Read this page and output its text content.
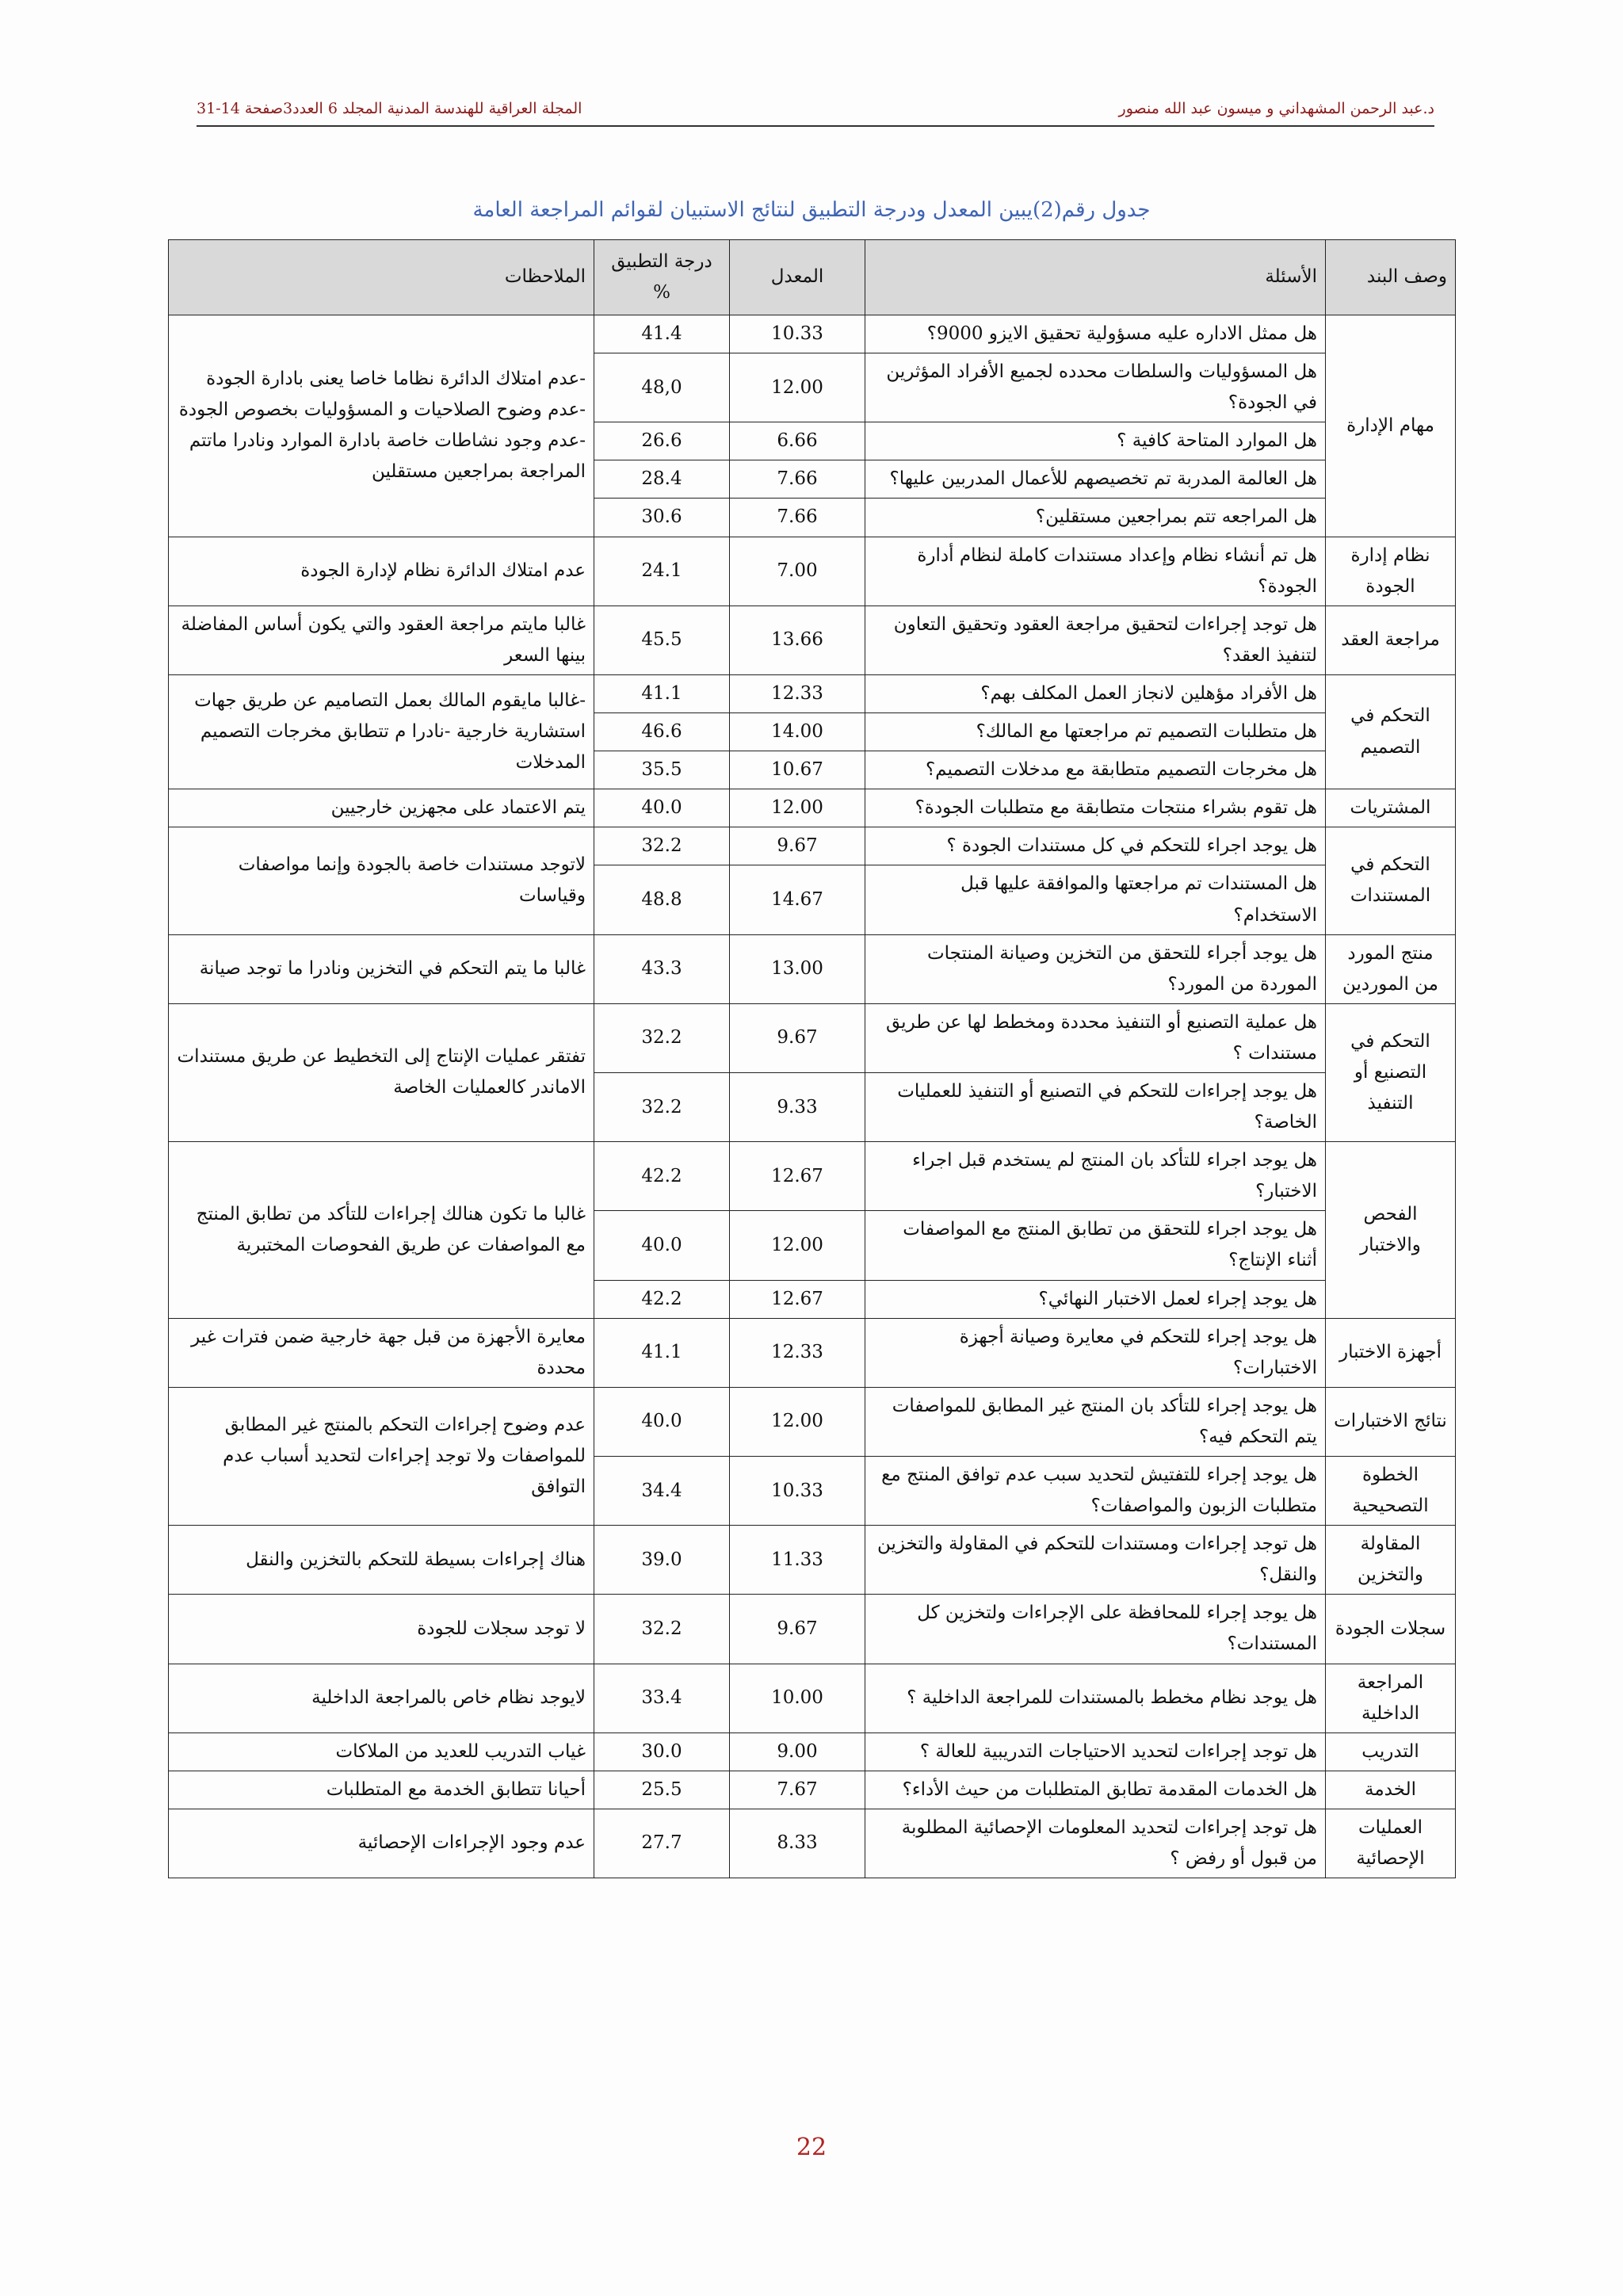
المجلة العراقية للهندسة المدنية المجلد 6 العدد3صفحة 14-31	د.عبد الرحمن المشهداني و ميسون عبد الله منصور
جدول رقم(2)يبين المعدل ودرجة التطبيق لنتائج الاستبيان لقوائم المراجعة العامة
وصف البند	الأسئلة	المعدل	درجة التطبيق %	الملاحظات
مهام الإدارة	هل ممثل الاداره عليه مسؤولية تحقيق الايزو 9000؟	10.33	41.4	-عدم امتلاك الدائرة نظاما خاصا يعنى بادارة الجودة -عدم وضوح الصلاحيات و المسؤوليات بخصوص الجودة -عدم وجود نشاطات خاصة بادارة الموارد ونادرا ماتتم المراجعة بمراجعين مستقلين
	هل المسؤوليات والسلطات محدده لجميع الأفراد المؤثرين في الجودة؟	12.00	48,0	
	هل الموارد المتاحة كافية ؟	6.66	26.6	
	هل العالمة المدربة تم تخصيصهم للأعمال المدربين عليها؟	7.66	28.4	
	هل المراجعه تتم بمراجعين مستقلين؟	7.66	30.6	
نظام إدارة الجودة	هل تم أنشاء نظام وإعداد مستندات كاملة لنظام أدارة الجودة؟	7.00	24.1	عدم امتلاك الدائرة نظام لإدارة الجودة
مراجعة العقد	هل توجد إجراءات لتحقيق مراجعة العقود وتحقيق التعاون لتنفيذ العقد؟	13.66	45.5	غالبا مايتم مراجعة العقود والتي يكون أساس المفاضلة بينها السعر
التحكم في التصميم	هل الأفراد مؤهلين لانجاز العمل المكلف بهم؟	12.33	41.1	-غالبا مايقوم المالك بعمل التصاميم عن طريق جهات استشارية خارجية -نادرا م تتطابق مخرجات التصميم المدخلات
	هل متطلبات التصميم تم مراجعتها مع المالك؟	14.00	46.6	
	هل مخرجات التصميم متطابقة مع مدخلات التصميم؟	10.67	35.5	
المشتريات	هل تقوم بشراء منتجات متطابقة مع متطلبات الجودة؟	12.00	40.0	يتم الاعتماد على مجهزين خارجيين
التحكم في المستندات	هل يوجد اجراء للتحكم في كل مستندات الجودة ؟	9.67	32.2	لاتوجد مستندات خاصة بالجودة وإنما مواصفات وقياسات
	هل المستندات تم مراجعتها والموافقة عليها قبل الاستخدام؟	14.67	48.8	
منتج المورد من الموردين	هل يوجد أجراء للتحقق من التخزين وصيانة المنتجات الموردة من المورد؟	13.00	43.3	غالبا ما يتم التحكم في التخزين ونادرا ما توجد صيانة
التحكم في التصنيع أو التنفيذ	هل عملية التصنيع أو التنفيذ محددة ومخطط لها عن طريق مستندات ؟	9.67	32.2	تفتقر عمليات الإنتاج إلى التخطيط عن طريق مستندات الاماندر كالعمليات الخاصة
	هل يوجد إجراءات للتحكم في التصنيع أو التنفيذ للعمليات الخاصة؟	9.33	32.2	
الفحص والاختبار	هل يوجد اجراء للتأكد بان المنتج لم يستخدم قبل اجراء الاختبار؟	12.67	42.2	غالبا ما تكون هنالك إجراءات للتأكد من تطابق المنتج مع المواصفات عن طريق الفحوصات المختبرية
	هل يوجد اجراء للتحقق من تطابق المنتج مع المواصفات أثناء الإنتاج؟	12.00	40.0	
	هل يوجد إجراء لعمل الاختبار النهائي؟	12.67	42.2	
أجهزة الاختبار	هل يوجد إجراء للتحكم في معايرة وصيانة أجهزة الاختبارات؟	12.33	41.1	معايرة الأجهزة من قبل جهة خارجية ضمن فترات غير محددة
نتائج الاختبارات	هل يوجد إجراء للتأكد بان المنتج غير المطابق للمواصفات يتم التحكم فيه؟	12.00	40.0	عدم وضوح إجراءات التحكم بالمنتج غير المطابق للمواصفات ولا توجد إجراءات لتحديد أسباب عدم التوافق
الخطوة التصحيحية	هل يوجد إجراء للتفتيش لتحديد سبب عدم توافق المنتج مع متطلبات الزبون والمواصفات؟	10.33	34.4	
المقاولة والتخزين	هل توجد إجراءات ومستندات للتحكم في المقاولة والتخزين والنقل؟	11.33	39.0	هناك إجراءات بسيطة للتحكم بالتخزين والنقل
سجلات الجودة	هل يوجد إجراء للمحافظة على الإجراءات ولتخزين كل المستندات؟	9.67	32.2	لا توجد سجلات للجودة
المراجعة الداخلية	هل يوجد نظام مخطط بالمستندات للمراجعة الداخلية ؟	10.00	33.4	لايوجد نظام خاص بالمراجعة الداخلية
التدريب	هل توجد إجراءات لتحديد الاحتياجات التدريبية للعالة ؟	9.00	30.0	غياب التدريب للعديد من الملاكات
الخدمة	هل الخدمات المقدمة تطابق المتطلبات من حيث الأداء؟	7.67	25.5	أحيانا تتطابق الخدمة مع المتطلبات
العمليات الإحصائية	هل توجد إجراءات لتحديد المعلومات الإحصائية المطلوبة من قبول أو رفض ؟	8.33	27.7	عدم وجود الإجراءات الإحصائية
22
